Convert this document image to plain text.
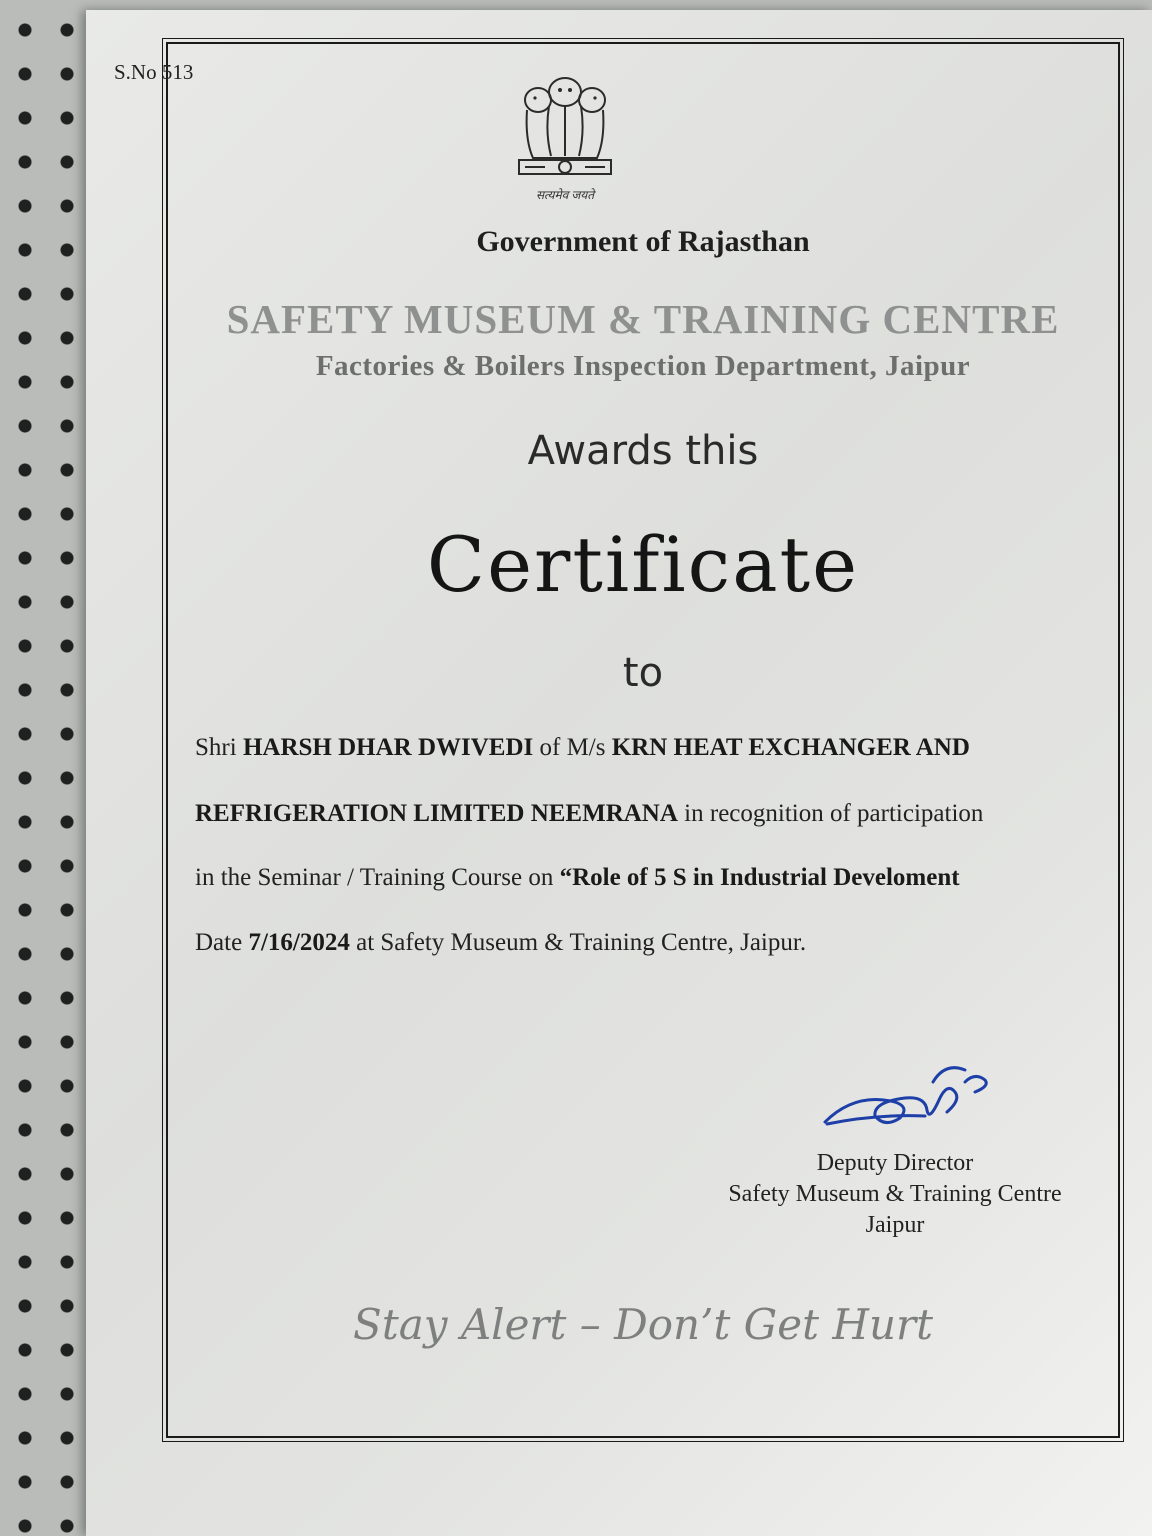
S.No 513
सत्यमेव जयते
Government of Rajasthan
SAFETY MUSEUM & TRAINING CENTRE
Factories & Boilers Inspection Department, Jaipur
Awards this
Certificate
to
Shri HARSH DHAR DWIVEDI of M/s KRN HEAT EXCHANGER AND
REFRIGERATION LIMITED NEEMRANA in recognition of participation
in the Seminar / Training Course on “Role of 5 S in Industrial Develoment
Date 7/16/2024 at Safety Museum & Training Centre, Jaipur.
Deputy Director
Safety Museum & Training Centre
Jaipur
Stay Alert – Don’t Get Hurt
